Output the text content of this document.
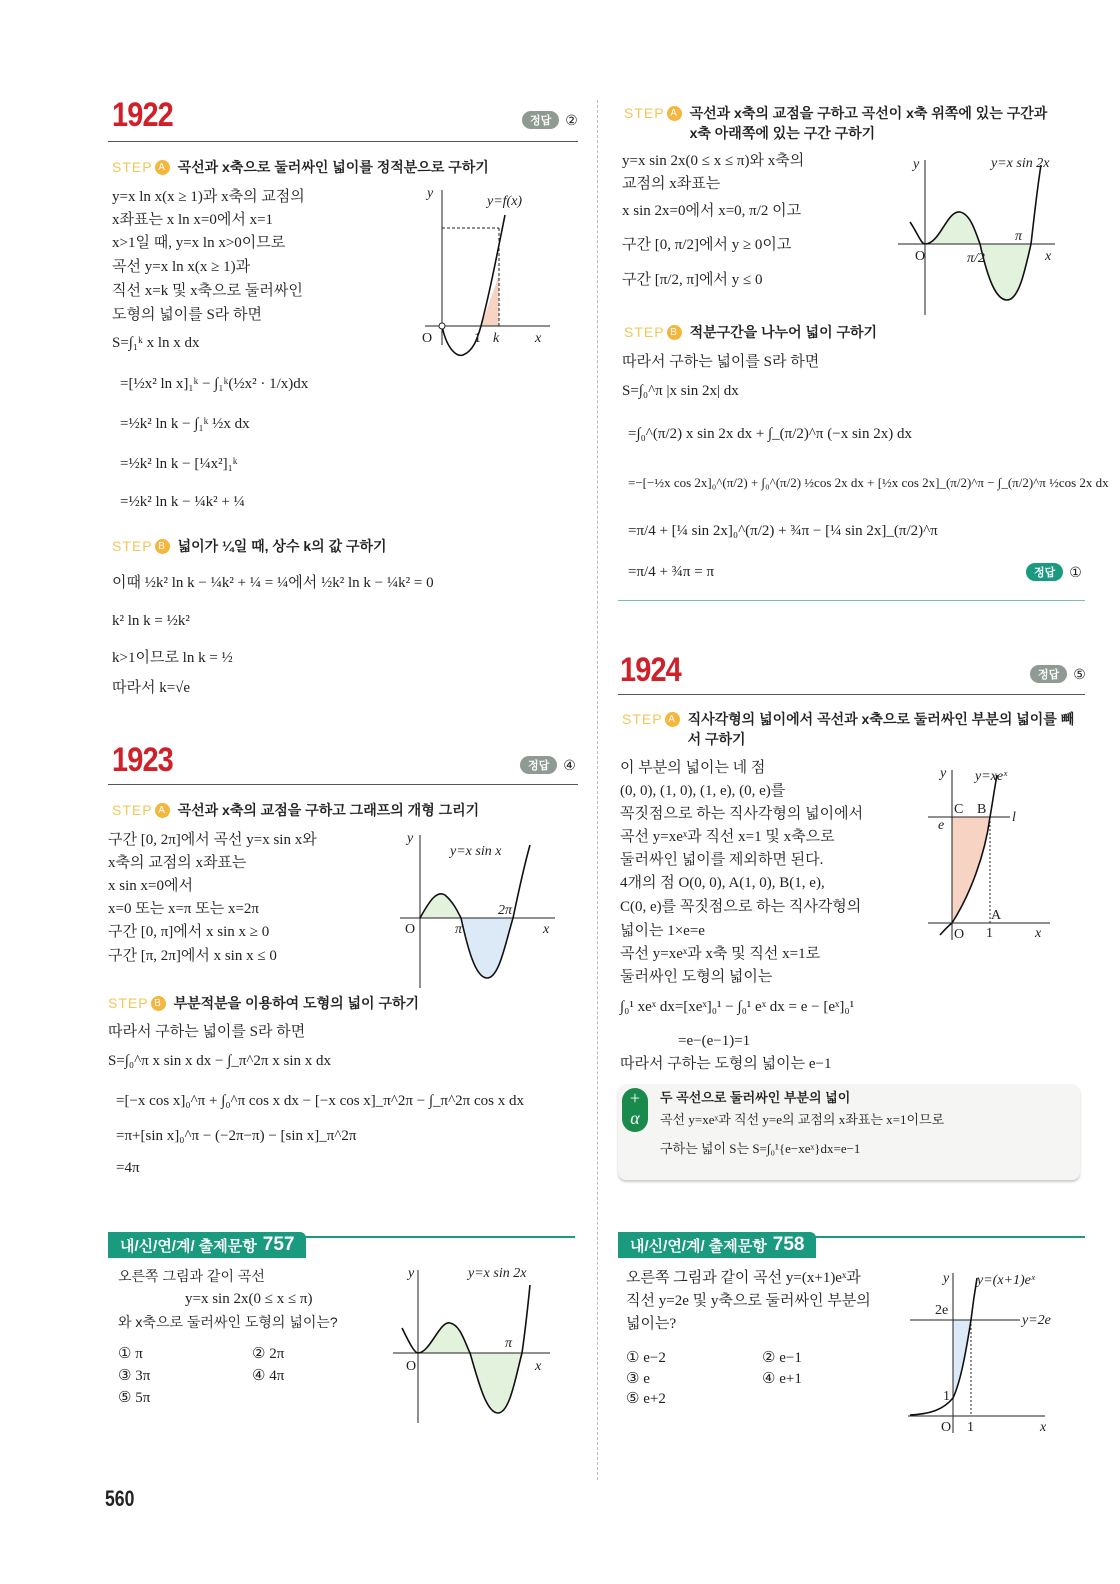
1922	정답	②
STEP A 곡선과 x축으로 둘러싸인 넓이를 정적분으로 구하기
y=x ln x(x ≥ 1)과 x축의 교점의
x좌표는 x ln x=0에서 x=1
x>1일 때, y=x ln x>0이므로
곡선 y=x ln x(x ≥ 1)과
직선 x=k 및 x축으로 둘러싸인
도형의 넓이를 S라 하면
S=∫₁ᵏ x ln x dx
=[½x² ln x]₁ᵏ − ∫₁ᵏ(½x² · 1/x)dx
=½k² ln k − ∫₁ᵏ ½x dx
=½k² ln k − [¼x²]₁ᵏ
=½k² ln k − ¼k² + ¼
STEP B 넓이가 ¼일 때, 상수 k의 값 구하기
이때 ½k² ln k − ¼k² + ¼ = ¼에서 ½k² ln k − ¼k² = 0
k² ln k = ½k²
k>1이므로 ln k = ½
따라서 k=√e
y
y=f(x)
O	1 k	x
1923	정답	④
STEP A 곡선과 x축의 교점을 구하고 그래프의 개형 그리기
구간 [0, 2π]에서 곡선 y=x sin x와
x축의 교점의 x좌표는
x sin x=0에서
x=0 또는 x=π 또는 x=2π
구간 [0, π]에서 x sin x ≥ 0
구간 [π, 2π]에서 x sin x ≤ 0
STEP B 부분적분을 이용하여 도형의 넓이 구하기
따라서 구하는 넓이를 S라 하면
S=∫₀^π x sin x dx − ∫_π^2π x sin x dx
=[−x cos x]₀^π + ∫₀^π cos x dx − [−x cos x]_π^2π − ∫_π^2π cos x dx
=π+[sin x]₀^π − (−2π−π) − [sin x]_π^2π
=4π
y
y=x sin x
O	π
2π
x
내/신/연/계/ 출제문항 757
오른쪽 그림과 같이 곡선
y=x sin 2x(0 ≤ x ≤ π)
와 x축으로 둘러싸인 도형의 넓이는?
① π	② 2π
③ 3π	④ 4π
⑤ 5π
y	y=x sin 2x
O
π
x
560
STEP A 곡선과 x축의 교점을 구하고 곡선이 x축 위쪽에 있는 구간과
x축 아래쪽에 있는 구간 구하기
y=x sin 2x(0 ≤ x ≤ π)와 x축의
교점의 x좌표는
x sin 2x=0에서 x=0, π/2 이고
구간 [0, π/2]에서 y ≥ 0이고
구간 [π/2, π]에서 y ≤ 0
STEP B 적분구간을 나누어 넓이 구하기
따라서 구하는 넓이를 S라 하면
S=∫₀^π |x sin 2x| dx
=∫₀^(π/2) x sin 2x dx + ∫_(π/2)^π (−x sin 2x) dx
=−[−½x cos 2x]₀^(π/2) + ∫₀^(π/2) ½cos 2x dx + [½x cos 2x]_(π/2)^π − ∫_(π/2)^π ½cos 2x dx
=π/4 + [¼ sin 2x]₀^(π/2) + ¾π − [¼ sin 2x]_(π/2)^π
=π/4 + ¾π = π	정답	①
y	y=x sin 2x
O	π/2
π
x
1924	정답	⑤
STEP A 직사각형의 넓이에서 곡선과 x축으로 둘러싸인 부분의 넓이를 빼
서 구하기
이 부분의 넓이는 네 점
(0, 0), (1, 0), (1, e), (0, e)를
꼭짓점으로 하는 직사각형의 넓이에서
곡선 y=xeˣ과 직선 x=1 및 x축으로
둘러싸인 넓이를 제외하면 된다.
4개의 점 O(0, 0), A(1, 0), B(1, e),
C(0, e)를 꼭짓점으로 하는 직사각형의
넓이는 1×e=e
곡선 y=xeˣ과 x축 및 직선 x=1로
둘러싸인 도형의 넓이는
∫₀¹ xeˣ dx=[xeˣ]₀¹ − ∫₀¹ eˣ dx = e − [eˣ]₀¹
=e−(e−1)=1
따라서 구하는 도형의 넓이는 e−1
y y=xeˣ
C B
l
e
A
O 1	x
+
α
두 곡선으로 둘러싸인 부분의 넓이
곡선 y=xeˣ과 직선 y=e의 교점의 x좌표는 x=1이므로
구하는 넓이 S는 S=∫₀¹{e−xeˣ}dx=e−1
내/신/연/계/ 출제문항 758
오른쪽 그림과 같이 곡선 y=(x+1)eˣ과
직선 y=2e 및 y축으로 둘러싸인 부분의
넓이는?
① e−2	② e−1
③ e	④ e+1
⑤ e+2
y y=(x+1)eˣ
2e
y=2e
1
O 1	x
